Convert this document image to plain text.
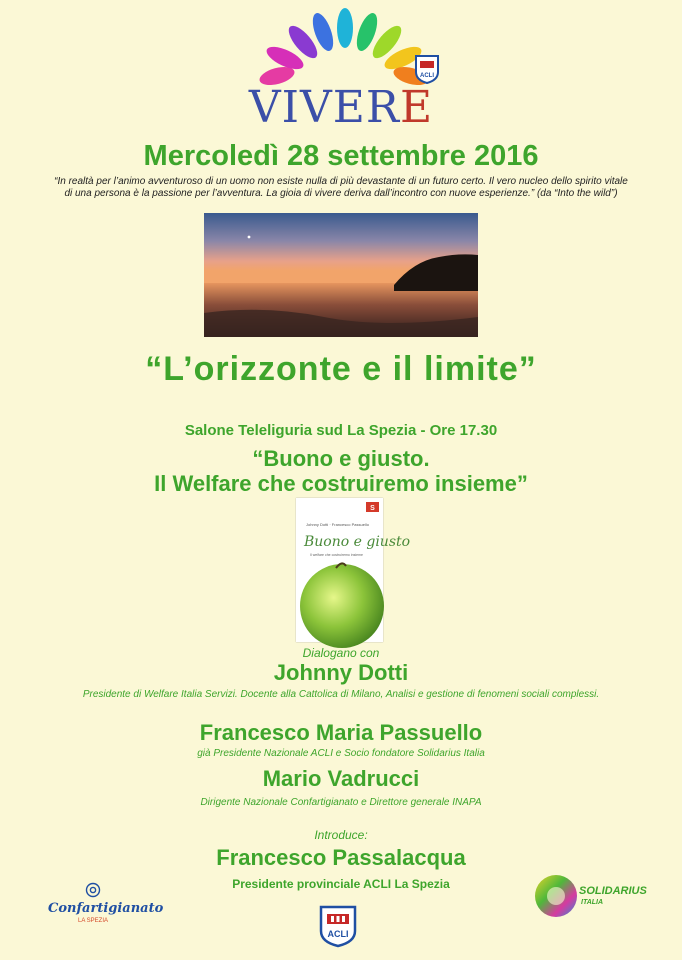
ACLI
VIVERE
Mercoledì 28 settembre 2016
“In realtà per l’animo avventuroso di un uomo non esiste nulla di più devastante di un futuro certo. Il vero nucleo dello spirito vitale
di una persona è la passione per l’avventura. La gioia di vivere deriva dall’incontro con nuove esperienze.” (da “Into the wild”)
“L’orizzonte e il limite”
Salone Teleliguria sud La Spezia - Ore 17.30
“Buono e giusto.
Il Welfare che costruiremo insieme”
S
Johnny Dotti · Francesco Passuello
Buono e giusto
Il welfare che costruiremo insieme
Dialogano con
Johnny Dotti
Presidente di Welfare Italia Servizi. Docente alla Cattolica di Milano, Analisi e gestione di fenomeni sociali complessi.
Francesco Maria Passuello
già Presidente Nazionale ACLI e Socio fondatore Solidarius Italia
Mario Vadrucci
Dirigente Nazionale Confartigianato e Direttore generale INAPA
Introduce:
Francesco Passalacqua
Presidente provinciale ACLI La Spezia
Confartigianato
LA SPEZIA
ACLI
SOLIDARIUS
ITALIA
